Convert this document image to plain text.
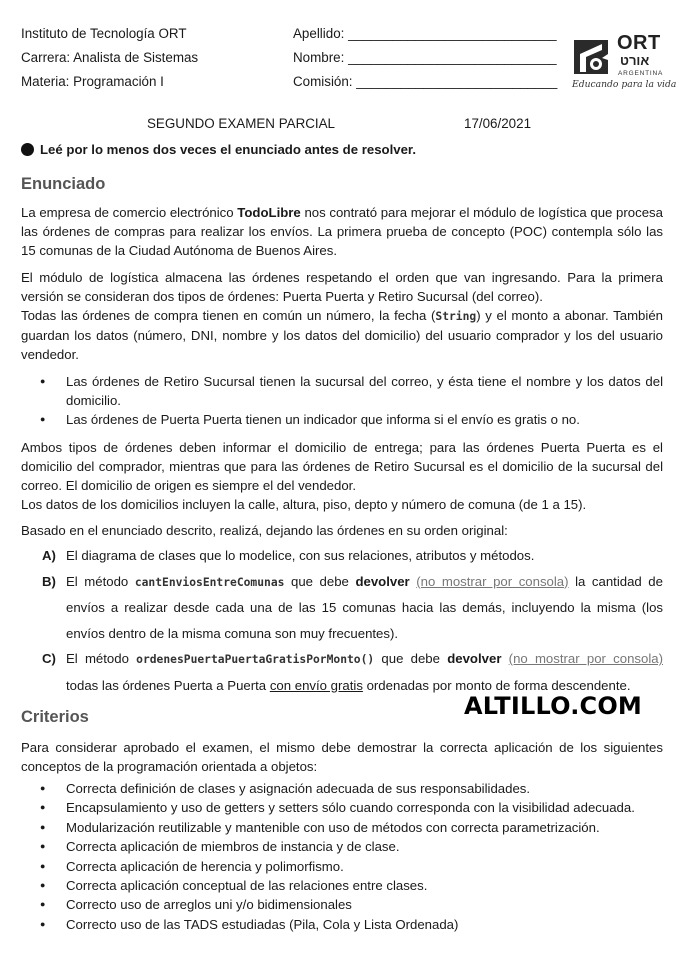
Instituto de Tecnología ORT
Carrera: Analista de Sistemas
Materia: Programación I
Apellido: ____________________________
Nombre: ____________________________
Comisión: ___________________________
ORT
אורט
ARGENTINA
Educando para la vida
SEGUNDO EXAMEN PARCIAL	17/06/2021
Leé por lo menos dos veces el enunciado antes de resolver.
Enunciado
La empresa de comercio electrónico TodoLibre nos contrató para mejorar el módulo de logística que procesa las órdenes de compras para realizar los envíos. La primera prueba de concepto (POC) contempla sólo las 15 comunas de la Ciudad Autónoma de Buenos Aires.
El módulo de logística almacena las órdenes respetando el orden que van ingresando. Para la primera versión se consideran dos tipos de órdenes: Puerta Puerta y Retiro Sucursal (del correo).
Todas las órdenes de compra tienen en común un número, la fecha (String) y el monto a abonar. También guardan los datos (número, DNI, nombre y los datos del domicilio) del usuario comprador y los del usuario vendedor.
● Las órdenes de Retiro Sucursal tienen la sucursal del correo, y ésta tiene el nombre y los datos del domicilio.
● Las órdenes de Puerta Puerta tienen un indicador que informa si el envío es gratis o no.
Ambos tipos de órdenes deben informar el domicilio de entrega; para las órdenes Puerta Puerta es el domicilio del comprador, mientras que para las órdenes de Retiro Sucursal es el domicilio de la sucursal del correo. El domicilio de origen es siempre el del vendedor.
Los datos de los domicilios incluyen la calle, altura, piso, depto y número de comuna (de 1 a 15).
Basado en el enunciado descrito, realizá, dejando las órdenes en su orden original:
A) El diagrama de clases que lo modelice, con sus relaciones, atributos y métodos.
B) El método cantEnviosEntreComunas que debe devolver (no mostrar por consola) la cantidad de envíos a realizar desde cada una de las 15 comunas hacia las demás, incluyendo la misma (los envíos dentro de la misma comuna son muy frecuentes).
C) El método ordenesPuertaPuertaGratisPorMonto() que debe devolver (no mostrar por consola) todas las órdenes Puerta a Puerta con envío gratis ordenadas por monto de forma descendente.
Criterios	ALTILLO.COM
Para considerar aprobado el examen, el mismo debe demostrar la correcta aplicación de los siguientes conceptos de la programación orientada a objetos:
● Correcta definición de clases y asignación adecuada de sus responsabilidades.
● Encapsulamiento y uso de getters y setters sólo cuando corresponda con la visibilidad adecuada.
● Modularización reutilizable y mantenible con uso de métodos con correcta parametrización.
● Correcta aplicación de miembros de instancia y de clase.
● Correcta aplicación de herencia y polimorfismo.
● Correcta aplicación conceptual de las relaciones entre clases.
● Correcto uso de arreglos uni y/o bidimensionales
● Correcto uso de las TADS estudiadas (Pila, Cola y Lista Ordenada)
